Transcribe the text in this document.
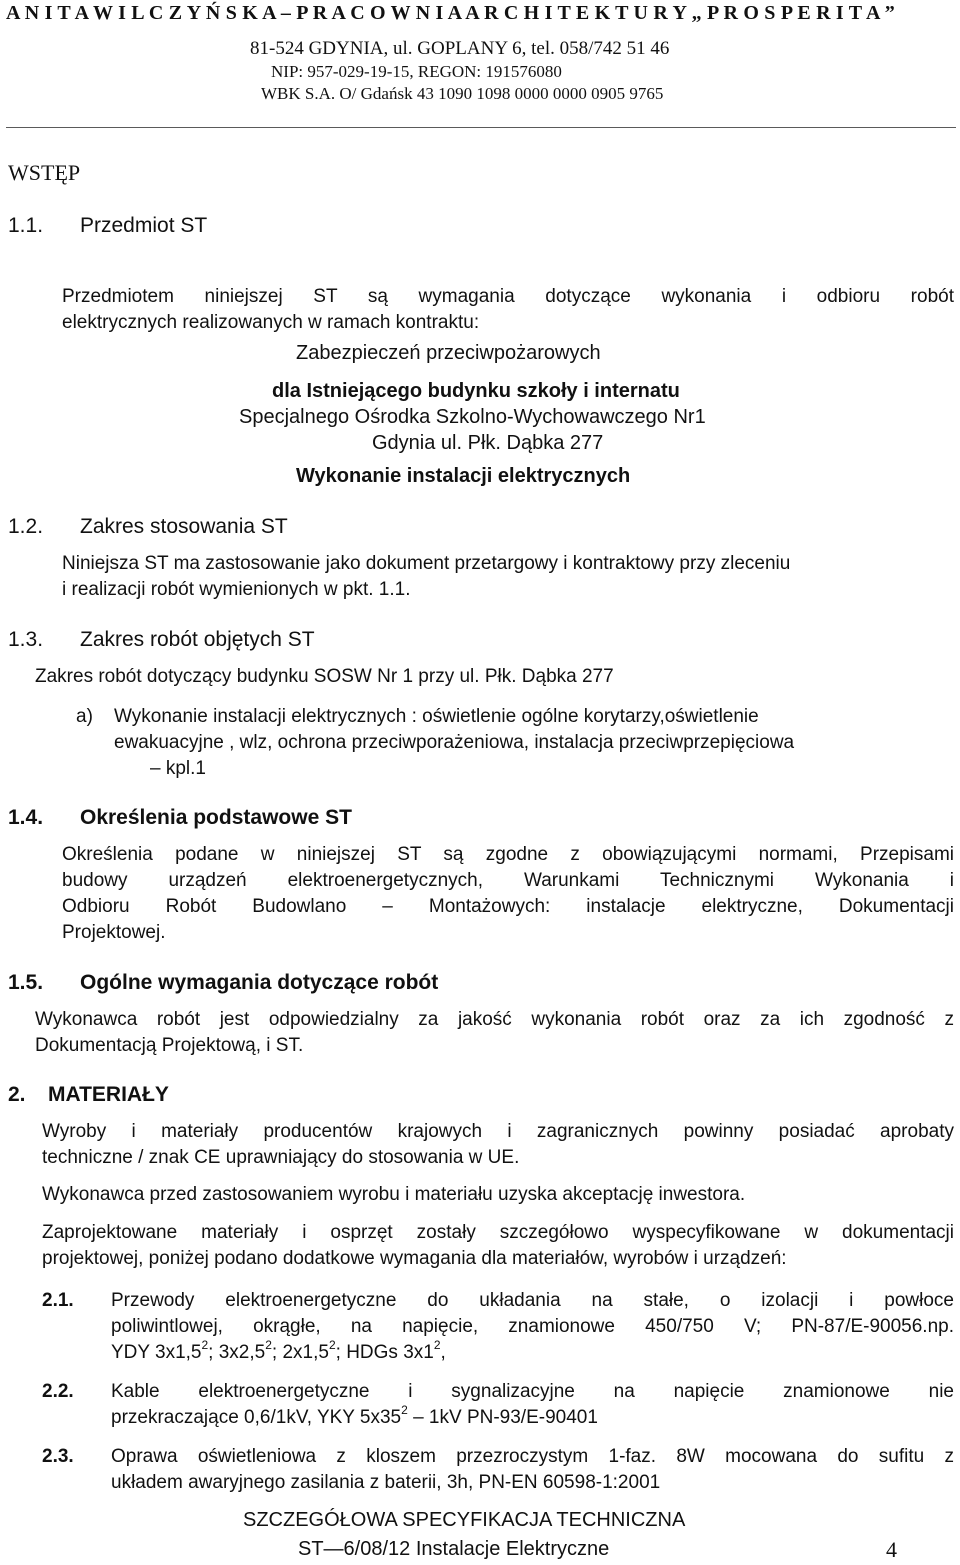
A N I T A W I L C Z Y Ń S K A – P R A C O W N I A A R C H I T E K T U R Y „ P R O S P E R I T A ”
81-524 GDYNIA, ul. GOPLANY 6, tel. 058/742 51 46
NIP: 957-029-19-15, REGON: 191576080
WBK S.A. O/ Gdańsk 43 1090 1098 0000 0000 0905 9765
WSTĘP
1.1. Przedmiot ST
Przedmiotem niniejszej ST są wymagania dotyczące wykonania i odbioru robót
elektrycznych realizowanych w ramach kontraktu:
Zabezpieczeń przeciwpożarowych
dla Istniejącego budynku szkoły i internatu
Specjalnego Ośrodka Szkolno-Wychowawczego Nr1
Gdynia ul. Płk. Dąbka 277
Wykonanie instalacji elektrycznych
1.2. Zakres stosowania ST
Niniejsza ST ma zastosowanie jako dokument przetargowy i kontraktowy przy zleceniu
i realizacji robót wymienionych w pkt. 1.1.
1.3. Zakres robót objętych ST
Zakres robót dotyczący budynku SOSW Nr 1 przy ul. Płk. Dąbka 277
a) Wykonanie instalacji elektrycznych : oświetlenie ogólne korytarzy,oświetlenie
ewakuacyjne , wlz, ochrona przeciwporażeniowa, instalacja przeciwprzepięciowa
– kpl.1
1.4. Określenia podstawowe ST
Określenia podane w niniejszej ST są zgodne z obowiązującymi normami, Przepisami
budowy urządzeń elektroenergetycznych, Warunkami Technicznymi Wykonania i
Odbioru Robót Budowlano – Montażowych: instalacje elektryczne, Dokumentacji
Projektowej.
1.5. Ogólne wymagania dotyczące robót
Wykonawca robót jest odpowiedzialny za jakość wykonania robót oraz za ich zgodność z
Dokumentacją Projektową, i ST.
2. MATERIAŁY
Wyroby i materiały producentów krajowych i zagranicznych powinny posiadać aprobaty
techniczne / znak CE uprawniający do stosowania w UE.
Wykonawca przed zastosowaniem wyrobu i materiału uzyska akceptację inwestora.
Zaprojektowane materiały i osprzęt zostały szczegółowo wyspecyfikowane w dokumentacji
projektowej, poniżej podano dodatkowe wymagania dla materiałów, wyrobów i urządzeń:
2.1. Przewody elektroenergetyczne do układania na stałe, o izolacji i powłoce
poliwintlowej, okrągłe, na napięcie, znamionowe 450/750 V; PN-87/E-90056.np.
YDY $3x1,5^2$; $3x2,5^2$; $2x1,5^2$; HDGs $3x1^2$,
2.2. Kable elektroenergetyczne i sygnalizacyjne na napięcie znamionowe nie
przekraczające 0,6/1kV, YKY $5x35^2 - 1kV$ PN-93/E-90401
2.3. Oprawa oświetleniowa z kloszem przezroczystym 1-faz. 8W mocowana do sufitu z
układem awaryjnego zasilania z baterii, 3h, PN-EN 60598-1:2001
SZCZEGÓŁOWA SPECYFIKACJA TECHNICZNA
ST—6/08/12 Instalacje Elektryczne	4
